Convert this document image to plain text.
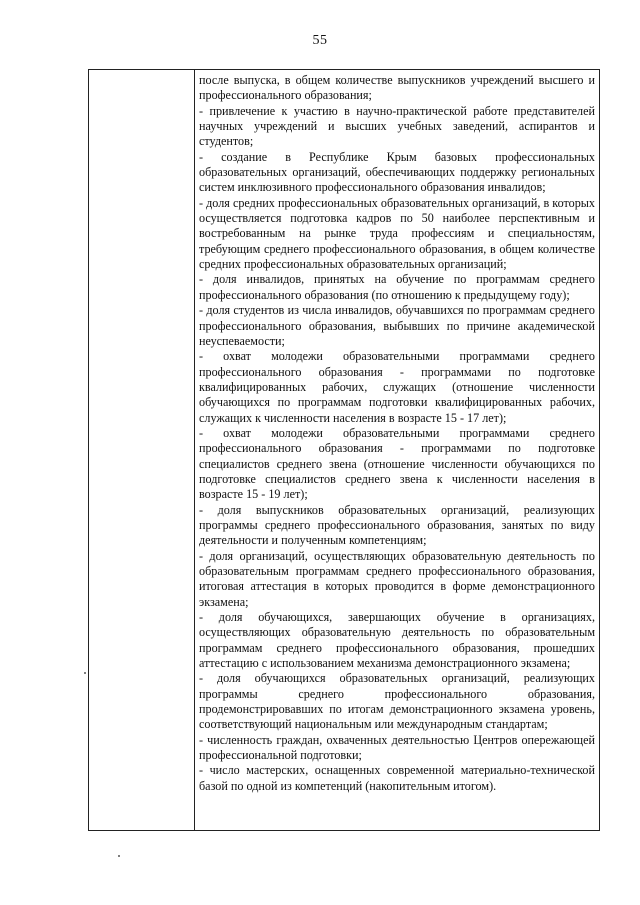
55

после выпуска, в общем количестве выпускников учреждений высшего и профессионального образования;

- привлечение к участию в научно-практической работе представителей научных учреждений и высших учебных заведений, аспирантов и студентов;

- создание в Республике Крым базовых профессиональных образовательных организаций, обеспечивающих поддержку региональных систем инклюзивного профессионального образования инвалидов;

- доля средних профессиональных образовательных организаций, в которых осуществляется подготовка кадров по 50 наиболее перспективным и востребованным на рынке труда профессиям и специальностям, требующим среднего профессионального образования, в общем количестве средних профессиональных образовательных организаций;

- доля инвалидов, принятых на обучение по программам среднего профессионального образования (по отношению к предыдущему году);

- доля студентов из числа инвалидов, обучавшихся по программам среднего профессионального образования, выбывших по причине академической неуспеваемости;

- охват молодежи образовательными программами среднего профессионального образования - программами по подготовке квалифицированных рабочих, служащих (отношение численности обучающихся по программам подготовки квалифицированных рабочих, служащих к численности населения в возрасте 15 - 17 лет);

- охват молодежи образовательными программами среднего профессионального образования - программами по подготовке специалистов среднего звена (отношение численности обучающихся по подготовке специалистов среднего звена к численности населения в возрасте 15 - 19 лет);

- доля выпускников образовательных организаций, реализующих программы среднего профессионального образования, занятых по виду деятельности и полученным компетенциям;

- доля организаций, осуществляющих образовательную деятельность по образовательным программам среднего профессионального образования, итоговая аттестация в которых проводится в форме демонстрационного экзамена;

- доля обучающихся, завершающих обучение в организациях, осуществляющих образовательную деятельность по образовательным программам среднего профессионального образования, прошедших аттестацию с использованием механизма демонстрационного экзамена;

- доля обучающихся образовательных организаций, реализующих программы среднего профессионального образования, продемонстрировавших по итогам демонстрационного экзамена уровень, соответствующий национальным или международным стандартам;

- численность граждан, охваченных деятельностью Центров опережающей профессиональной подготовки;

- число мастерских, оснащенных современной материально-технической базой по одной из компетенций (накопительным итогом).
